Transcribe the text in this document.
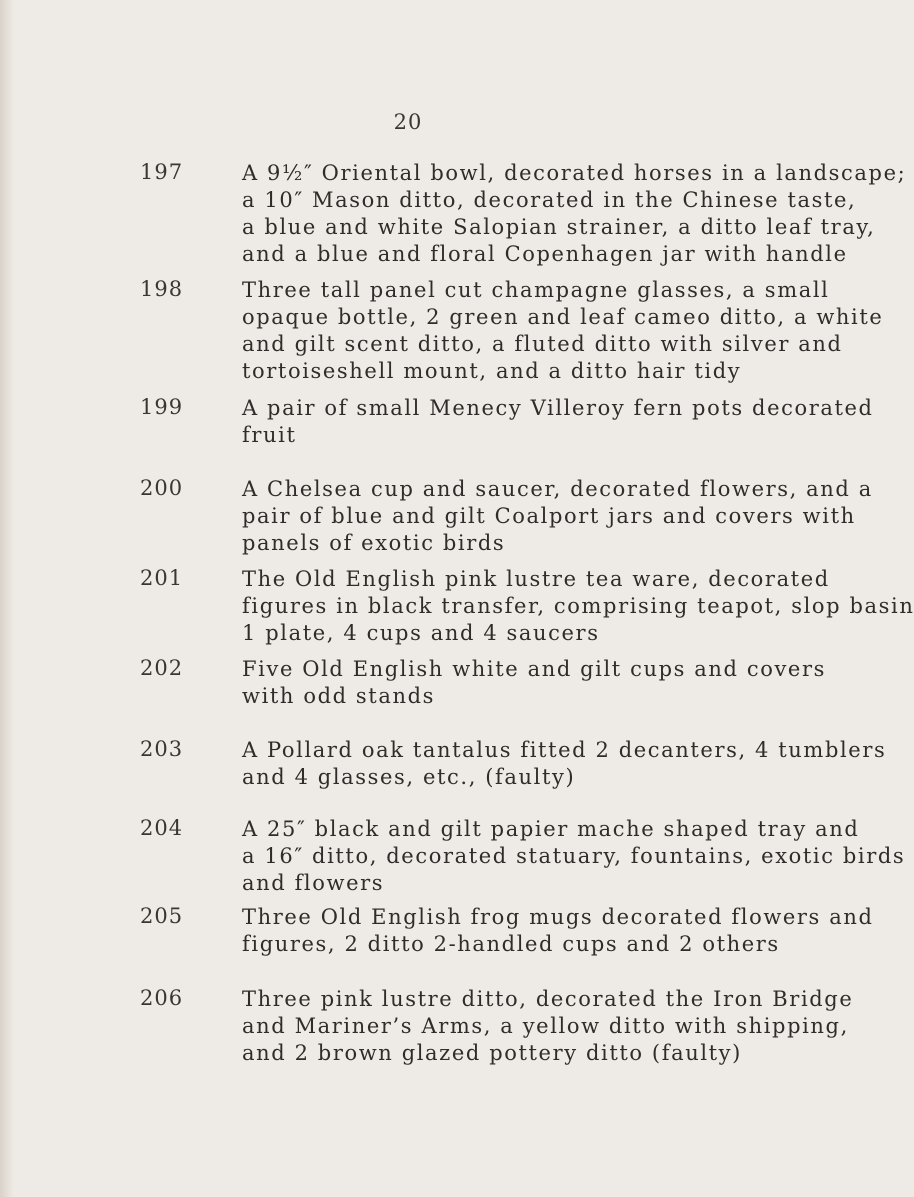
20
197	A 9½″ Oriental bowl, decorated horses in a landscape;
a 10″ Mason ditto, decorated in the Chinese taste,
a blue and white Salopian strainer, a ditto leaf tray,
and a blue and floral Copenhagen jar with handle
198	Three tall panel cut champagne glasses, a small
opaque bottle, 2 green and leaf cameo ditto, a white
and gilt scent ditto, a fluted ditto with silver and
tortoiseshell mount, and a ditto hair tidy
199	A pair of small Menecy Villeroy fern pots decorated
fruit
200	A Chelsea cup and saucer, decorated flowers, and a
pair of blue and gilt Coalport jars and covers with
panels of exotic birds
201	The Old English pink lustre tea ware, decorated
figures in black transfer, comprising teapot, slop basin
1 plate, 4 cups and 4 saucers
202	Five Old English white and gilt cups and covers
with odd stands
203	A Pollard oak tantalus fitted 2 decanters, 4 tumblers
and 4 glasses, etc., (faulty)
204	A 25″ black and gilt papier mache shaped tray and
a 16″ ditto, decorated statuary, fountains, exotic birds
and flowers
205	Three Old English frog mugs decorated flowers and
figures, 2 ditto 2-handled cups and 2 others
206	Three pink lustre ditto, decorated the Iron Bridge
and Mariner’s Arms, a yellow ditto with shipping,
and 2 brown glazed pottery ditto (faulty)
